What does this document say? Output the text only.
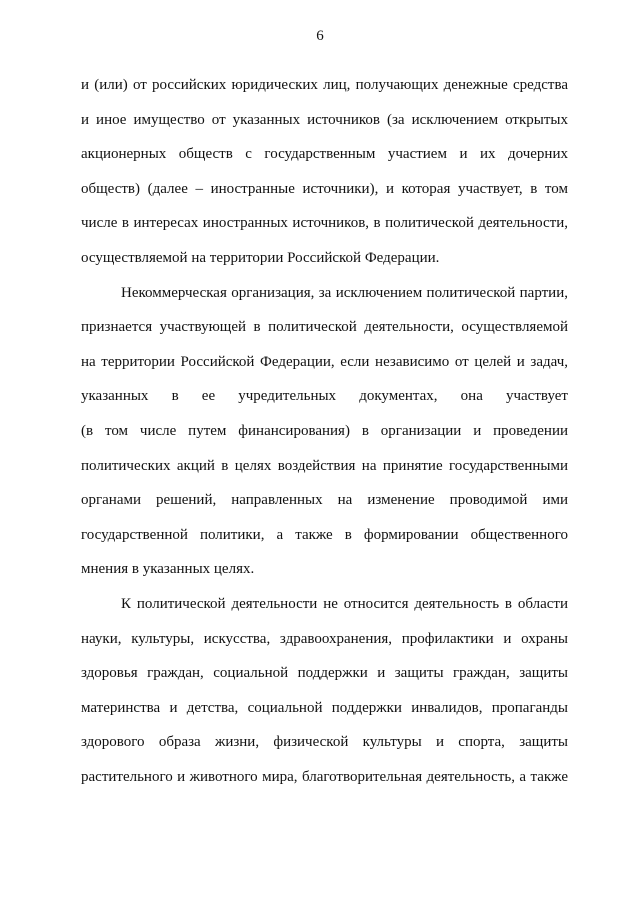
6
и (или) от российских юридических лиц, получающих денежные средства
и иное имущество от указанных источников (за исключением открытых
акционерных обществ с государственным участием и их дочерних
обществ) (далее – иностранные источники), и которая участвует, в том
числе в интересах иностранных источников, в политической деятельности,
осуществляемой на территории Российской Федерации.
Некоммерческая организация, за исключением политической партии,
признается участвующей в политической деятельности, осуществляемой
на территории Российской Федерации, если независимо от целей и задач,
указанных в ее учредительных документах, она участвует
(в том числе путем финансирования) в организации и проведении
политических акций в целях воздействия на принятие государственными
органами решений, направленных на изменение проводимой ими
государственной политики, а также в формировании общественного
мнения в указанных целях.
К политической деятельности не относится деятельность в области
науки, культуры, искусства, здравоохранения, профилактики и охраны
здоровья граждан, социальной поддержки и защиты граждан, защиты
материнства и детства, социальной поддержки инвалидов, пропаганды
здорового образа жизни, физической культуры и спорта, защиты
растительного и животного мира, благотворительная деятельность, а также
